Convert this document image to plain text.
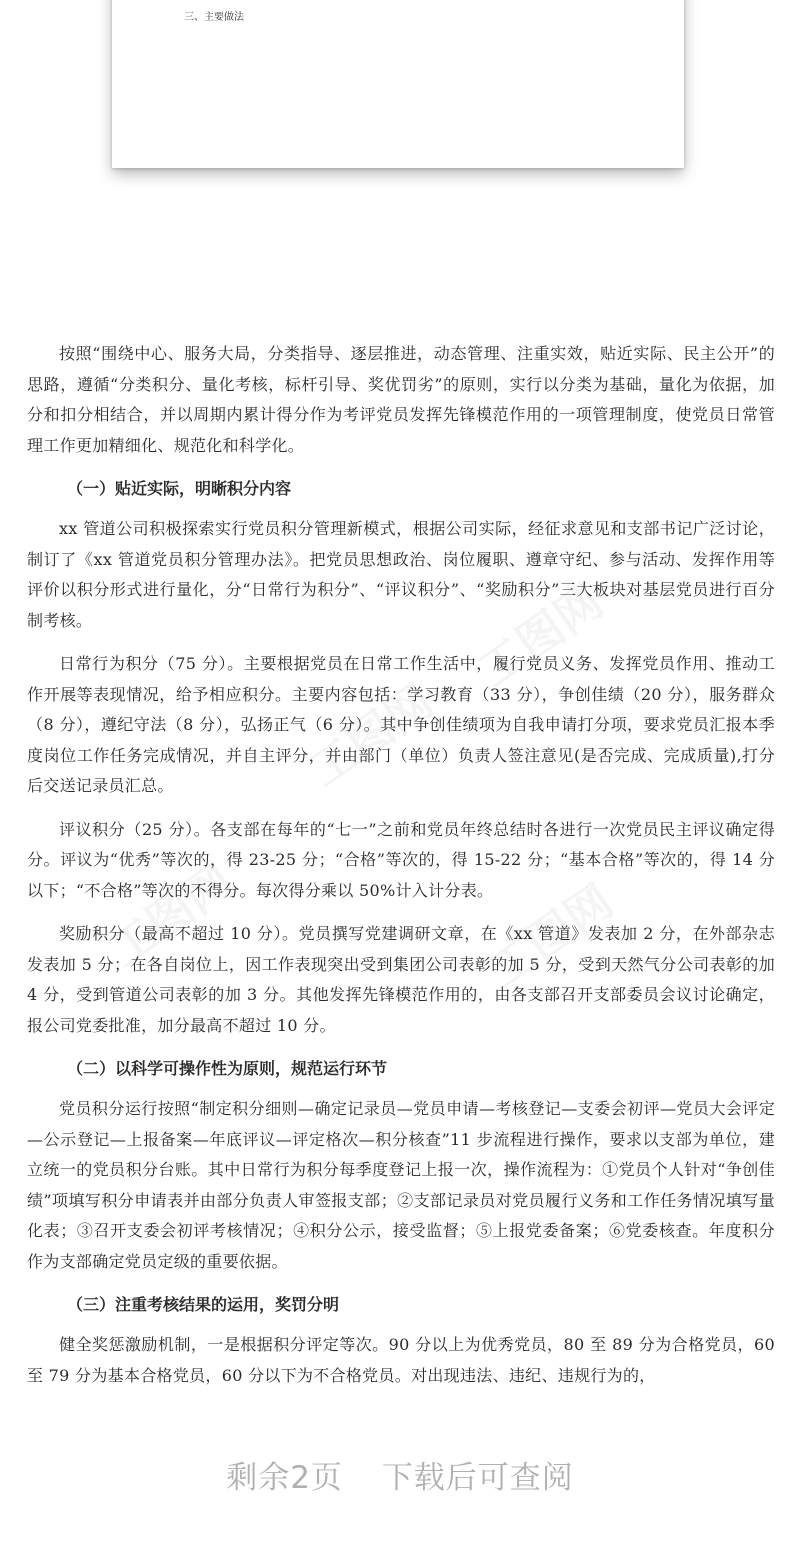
三、主要做法

按照“围绕中心、服务大局，分类指导、逐层推进，动态管理、注重实效，贴近实际、民主公开”的思路，遵循“分类积分、量化考核，标杆引导、奖优罚劣”的原则，实行以分类为基础，量化为依据，加分和扣分相结合，并以周期内累计得分作为考评党员发挥先锋模范作用的一项管理制度，使党员日常管理工作更加精细化、规范化和科学化。

（一）贴近实际，明晰积分内容

xx 管道公司积极探索实行党员积分管理新模式，根据公司实际，经征求意见和支部书记广泛讨论，制订了《xx 管道党员积分管理办法》。把党员思想政治、岗位履职、遵章守纪、参与活动、发挥作用等评价以积分形式进行量化，分“日常行为积分”、“评议积分”、“奖励积分”三大板块对基层党员进行百分制考核。

日常行为积分（75 分）。主要根据党员在日常工作生活中，履行党员义务、发挥党员作用、推动工作开展等表现情况，给予相应积分。主要内容包括：学习教育（33 分），争创佳绩（20 分），服务群众（8 分），遵纪守法（8 分），弘扬正气（6 分）。其中争创佳绩项为自我申请打分项，要求党员汇报本季度岗位工作任务完成情况，并自主评分，并由部门（单位）负责人签注意见(是否完成、完成质量),打分后交送记录员汇总。

评议积分（25 分）。各支部在每年的“七一”之前和党员年终总结时各进行一次党员民主评议确定得分。评议为“优秀”等次的，得 23-25 分；“合格”等次的，得 15-22 分；“基本合格”等次的，得 14 分以下；“不合格”等次的不得分。每次得分乘以 50%计入计分表。

奖励积分（最高不超过 10 分）。党员撰写党建调研文章，在《xx 管道》发表加 2 分，在外部杂志发表加 5 分；在各自岗位上，因工作表现突出受到集团公司表彰的加 5 分，受到天然气分公司表彰的加 4 分，受到管道公司表彰的加 3 分。其他发挥先锋模范作用的，由各支部召开支部委员会议讨论确定，报公司党委批准，加分最高不超过 10 分。

（二）以科学可操作性为原则，规范运行环节

党员积分运行按照“制定积分细则—确定记录员—党员申请—考核登记—支委会初评—党员大会评定—公示登记—上报备案—年底评议—评定格次—积分核查”11 步流程进行操作，要求以支部为单位，建立统一的党员积分台账。其中日常行为积分每季度登记上报一次，操作流程为：①党员个人针对“争创佳绩”项填写积分申请表并由部分负责人审签报支部；②支部记录员对党员履行义务和工作任务情况填写量化表；③召开支委会初评考核情况；④积分公示，接受监督；⑤上报党委备案；⑥党委核查。年度积分作为支部确定党员定级的重要依据。

（三）注重考核结果的运用，奖罚分明

健全奖惩激励机制，一是根据积分评定等次。90 分以上为优秀党员，80 至 89 分为合格党员，60 至 79 分为基本合格党员，60 分以下为不合格党员。对出现违法、违纪、违规行为的，

剩余2页 下载后可查阅
